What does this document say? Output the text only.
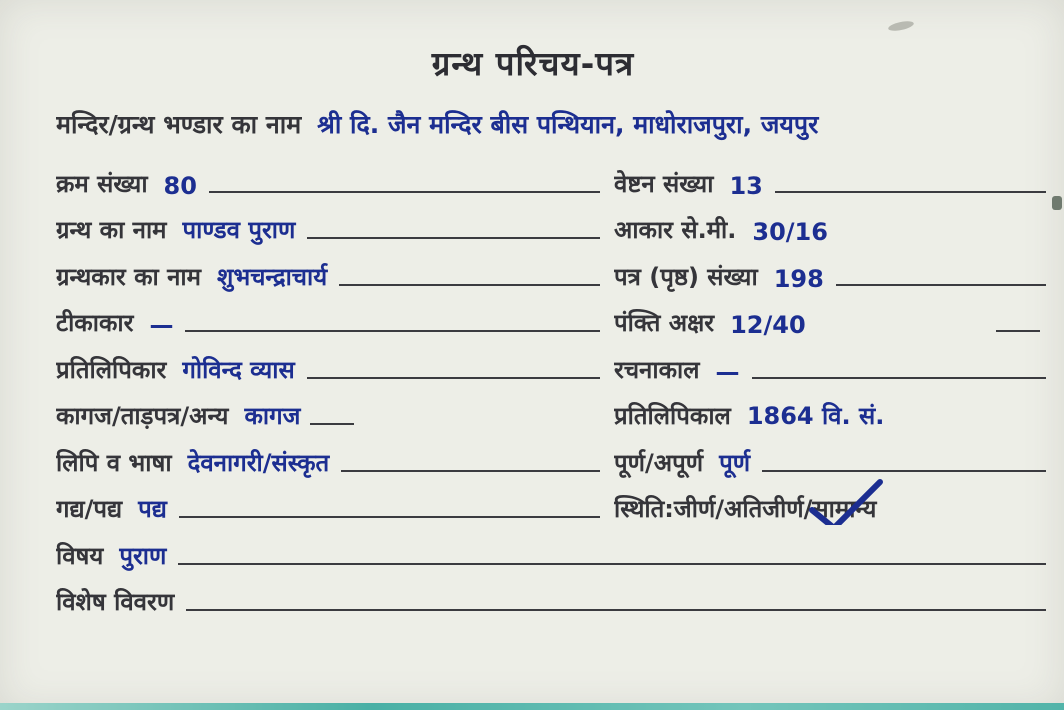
ग्रन्थ परिचय-पत्र
मन्दिर/ग्रन्थ भण्डार का नाम श्री दि. जैन मन्दिर बीस पन्थियान, माधोराजपुरा, जयपुर
क्रम संख्या 80	वेष्टन संख्या 13
ग्रन्थ का नाम पाण्डव पुराण	आकार से.मी. 30/16
ग्रन्थकार का नाम शुभचन्द्राचार्य	पत्र (पृष्ठ) संख्या 198
टीकाकार —	पंक्ति अक्षर 12/40
प्रतिलिपिकार गोविन्द व्यास	रचनाकाल —
कागज/ताड़पत्र/अन्य कागज	प्रतिलिपिकाल 1864 वि. सं.
लिपि व भाषा देवनागरी/संस्कृत	पूर्ण/अपूर्ण पूर्ण
गद्य/पद्य पद्य	स्थिति:जीर्ण/अतिजीर्ण/ सामान्य
विषय पुराण
विशेष विवरण
